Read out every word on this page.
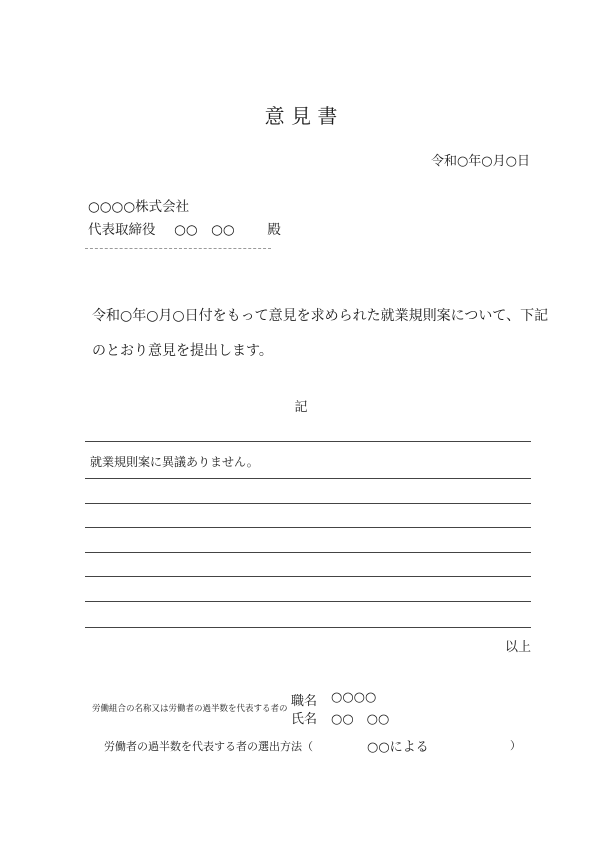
意 見 書
令和○年○月○日
○○○○株式会社
代表取締役 ○○　○○ 殿
令和○年○月○日付をもって意見を求められた就業規則案について、下記
のとおり意見を提出します。
記
就業規則案に異議ありません。
以上
労働組合の名称又は労働者の過半数を代表する者の 職名 ○○○○
氏名 ○○　○○
労働者の過半数を代表する者の選出方法（	○○による	）
